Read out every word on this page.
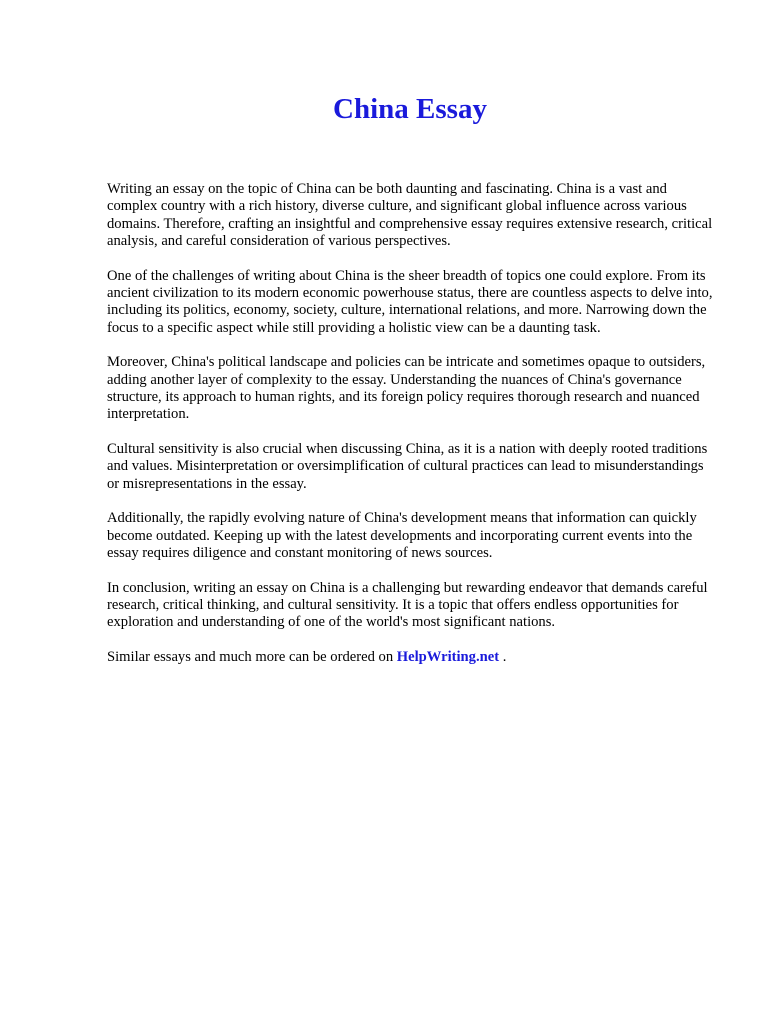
China Essay

Writing an essay on the topic of China can be both daunting and fascinating. China is a vast and complex country with a rich history, diverse culture, and significant global influence across various domains. Therefore, crafting an insightful and comprehensive essay requires extensive research, critical analysis, and careful consideration of various perspectives.

One of the challenges of writing about China is the sheer breadth of topics one could explore. From its ancient civilization to its modern economic powerhouse status, there are countless aspects to delve into, including its politics, economy, society, culture, international relations, and more. Narrowing down the focus to a specific aspect while still providing a holistic view can be a daunting task.

Moreover, China's political landscape and policies can be intricate and sometimes opaque to outsiders, adding another layer of complexity to the essay. Understanding the nuances of China's governance structure, its approach to human rights, and its foreign policy requires thorough research and nuanced interpretation.

Cultural sensitivity is also crucial when discussing China, as it is a nation with deeply rooted traditions and values. Misinterpretation or oversimplification of cultural practices can lead to misunderstandings or misrepresentations in the essay.

Additionally, the rapidly evolving nature of China's development means that information can quickly become outdated. Keeping up with the latest developments and incorporating current events into the essay requires diligence and constant monitoring of news sources.

In conclusion, writing an essay on China is a challenging but rewarding endeavor that demands careful research, critical thinking, and cultural sensitivity. It is a topic that offers endless opportunities for exploration and understanding of one of the world's most significant nations.

Similar essays and much more can be ordered on HelpWriting.net .
